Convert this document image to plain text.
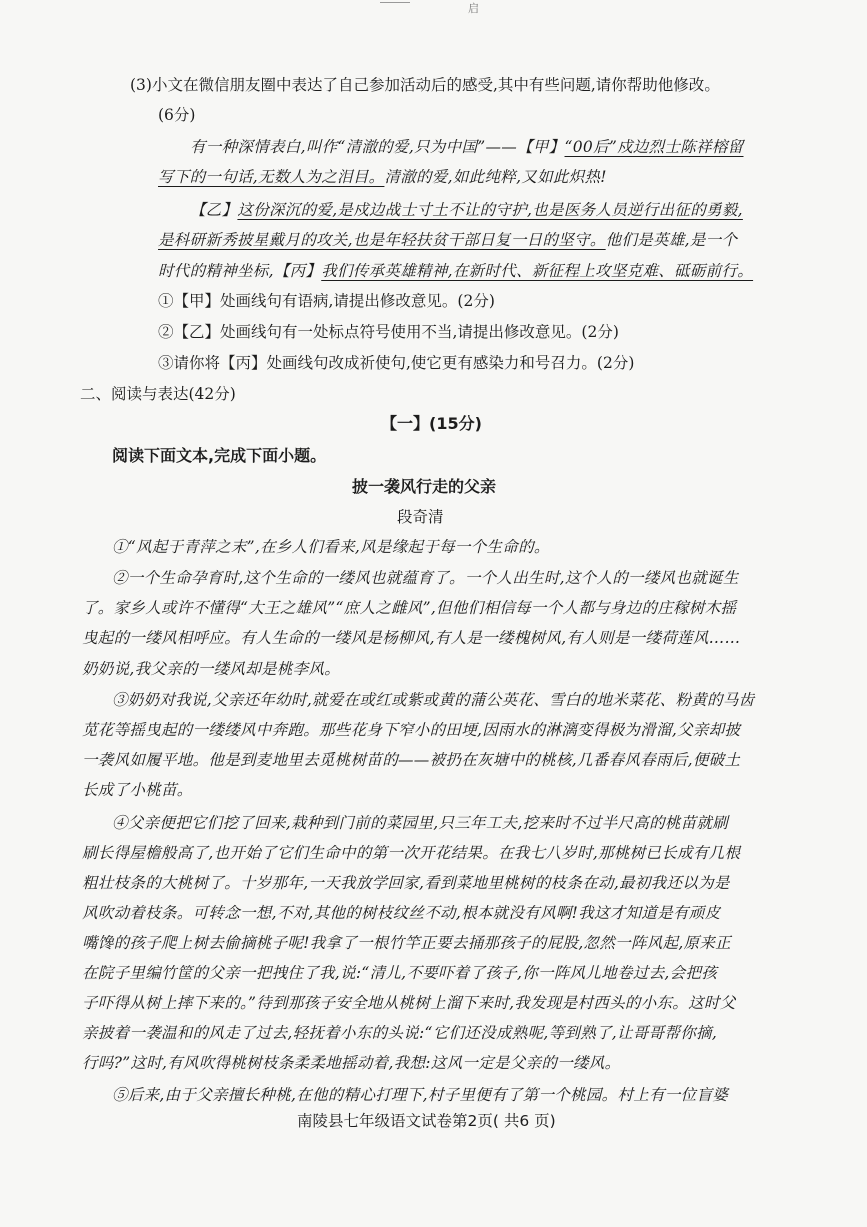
启
(3)小文在微信朋友圈中表达了自己参加活动后的感受,其中有些问题,请你帮助他修改。
(6分)
有一种深情表白,叫作“清澈的爱,只为中国”——【甲】“00后”戍边烈士陈祥榕留
写下的一句话,无数人为之泪目。清澈的爱,如此纯粹,又如此炽热!
【乙】这份深沉的爱,是戍边战士寸土不让的守护,也是医务人员逆行出征的勇毅,
是科研新秀披星戴月的攻关,也是年轻扶贫干部日复一日的坚守。他们是英雄,是一个
时代的精神坐标,【丙】我们传承英雄精神,在新时代、新征程上攻坚克难、砥砺前行。
①【甲】处画线句有语病,请提出修改意见。(2分)
②【乙】处画线句有一处标点符号使用不当,请提出修改意见。(2分)
③请你将【丙】处画线句改成祈使句,使它更有感染力和号召力。(2分)
二、阅读与表达(42分)
【一】(15分)
阅读下面文本,完成下面小题。
披一袭风行走的父亲
段奇清
①“风起于青萍之末”,在乡人们看来,风是缘起于每一个生命的。
②一个生命孕育时,这个生命的一缕风也就蕴育了。一个人出生时,这个人的一缕风也就诞生
了。家乡人或许不懂得“大王之雄风”“庶人之雌风”,但他们相信每一个人都与身边的庄稼树木摇
曳起的一缕风相呼应。有人生命的一缕风是杨柳风,有人是一缕槐树风,有人则是一缕荷莲风……
奶奶说,我父亲的一缕风却是桃李风。
③奶奶对我说,父亲还年幼时,就爱在或红或紫或黄的蒲公英花、雪白的地米菜花、粉黄的马齿
苋花等摇曳起的一缕缕风中奔跑。那些花身下窄小的田埂,因雨水的淋漓变得极为滑溜,父亲却披
一袭风如履平地。他是到麦地里去觅桃树苗的——被扔在灰塘中的桃核,几番春风春雨后,便破土
长成了小桃苗。
④父亲便把它们挖了回来,栽种到门前的菜园里,只三年工夫,挖来时不过半尺高的桃苗就刷
刷长得屋檐般高了,也开始了它们生命中的第一次开花结果。在我七八岁时,那桃树已长成有几根
粗壮枝条的大桃树了。十岁那年,一天我放学回家,看到菜地里桃树的枝条在动,最初我还以为是
风吹动着枝条。可转念一想,不对,其他的树枝纹丝不动,根本就没有风啊!我这才知道是有顽皮
嘴馋的孩子爬上树去偷摘桃子呢!我拿了一根竹竿正要去捅那孩子的屁股,忽然一阵风起,原来正
在院子里编竹筐的父亲一把拽住了我,说:“清儿,不要吓着了孩子,你一阵风儿地卷过去,会把孩
子吓得从树上摔下来的。”待到那孩子安全地从桃树上溜下来时,我发现是村西头的小东。这时父
亲披着一袭温和的风走了过去,轻抚着小东的头说:“它们还没成熟呢,等到熟了,让哥哥帮你摘,
行吗?”这时,有风吹得桃树枝条柔柔地摇动着,我想:这风一定是父亲的一缕风。
⑤后来,由于父亲擅长种桃,在他的精心打理下,村子里便有了第一个桃园。村上有一位盲婆
南陵县七年级语文试卷第2页( 共6 页)
